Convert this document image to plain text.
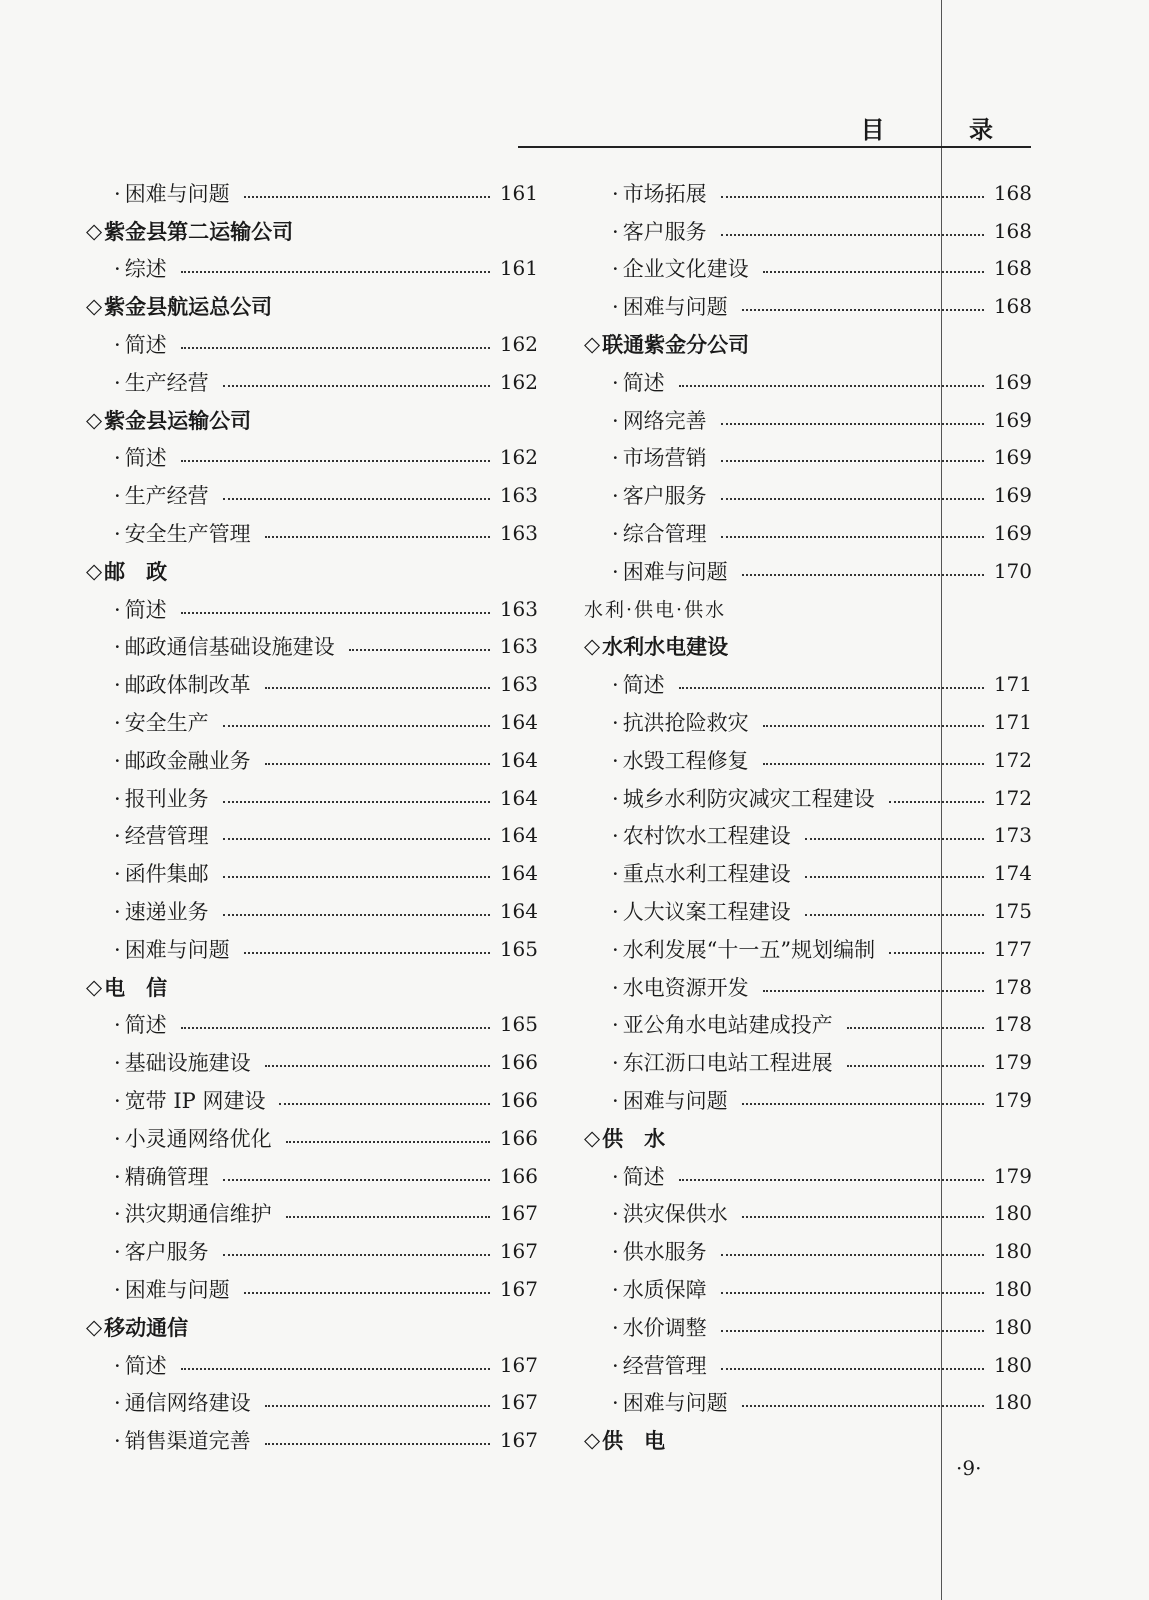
目 录
· 困难与问题	161
◇ 紫金县第二运输公司
· 综述	161
◇ 紫金县航运总公司
· 简述	162
· 生产经营	162
◇ 紫金县运输公司
· 简述	162
· 生产经营	163
· 安全生产管理	163
◇ 邮　政
· 简述	163
· 邮政通信基础设施建设	163
· 邮政体制改革	163
· 安全生产	164
· 邮政金融业务	164
· 报刊业务	164
· 经营管理	164
· 函件集邮	164
· 速递业务	164
· 困难与问题	165
◇ 电　信
· 简述	165
· 基础设施建设	166
· 宽带 IP 网建设	166
· 小灵通网络优化	166
· 精确管理	166
· 洪灾期通信维护	167
· 客户服务	167
· 困难与问题	167
◇ 移动通信
· 简述	167
· 通信网络建设	167
· 销售渠道完善	167
· 市场拓展	168
· 客户服务	168
· 企业文化建设	168
· 困难与问题	168
◇ 联通紫金分公司
· 简述	169
· 网络完善	169
· 市场营销	169
· 客户服务	169
· 综合管理	169
· 困难与问题	170
水利·供电·供水
◇ 水利水电建设
· 简述	171
· 抗洪抢险救灾	171
· 水毁工程修复	172
· 城乡水利防灾减灾工程建设	172
· 农村饮水工程建设	173
· 重点水利工程建设	174
· 人大议案工程建设	175
· 水利发展“十一五”规划编制	177
· 水电资源开发	178
· 亚公角水电站建成投产	178
· 东江沥口电站工程进展	179
· 困难与问题	179
◇ 供　水
· 简述	179
· 洪灾保供水	180
· 供水服务	180
· 水质保障	180
· 水价调整	180
· 经营管理	180
· 困难与问题	180
◇ 供　电
·9·
